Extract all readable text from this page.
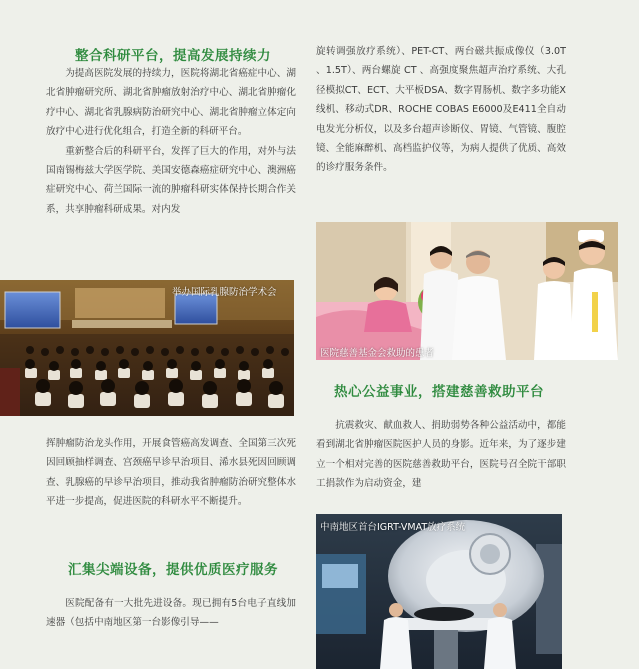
整合科研平台，提高发展持续力

为提高医院发展的持续力，医院将湖北省癌症中心、湖北省肿瘤研究所、湖北省肿瘤放射治疗中心、湖北省肿瘤化疗中心、湖北省乳腺病防治研究中心、湖北省肿瘤立体定向放疗中心进行优化组合，打造全新的科研平台。

重新整合后的科研平台，发挥了巨大的作用，对外与法国南锡梅兹大学医学院、美国安德森癌症研究中心、澳洲癌症研究中心、荷兰国际一流的肿瘤科研实体保持长期合作关系，共享肿瘤科研成果。对内发

举办国际乳腺防治学术会

挥肿瘤防治龙头作用，开展食管癌高发调查、全国第三次死因回顾抽样调查、宫颈癌早诊早治项目、浠水县死因回顾调查、乳腺癌的早诊早治项目，推动我省肿瘤防治研究整体水平进一步提高，促进医院的科研水平不断提升。

汇集尖端设备，提供优质医疗服务

医院配备有一大批先进设备。现已拥有5台电子直线加速器（包括中南地区第一台影像引导——

旋转调强放疗系统）、PET-CT、两台磁共振成像仪（3.0T 、1.5T）、两台螺旋 CT 、高强度聚焦超声治疗系统、大孔径模拟CT、ECT、大平板DSA、数字胃肠机、数字多功能X线机、移动式DR、ROCHE COBAS E6000及E411全自动电发光分析仪，以及多台超声诊断仪、胃镜、气管镜、腹腔镜、全能麻醉机、高档监护仪等，为病人提供了优质、高效的诊疗服务条件。

医院慈善基金会救助的患者
热心公益事业，搭建慈善救助平台

抗震救灾、献血救人、捐助弱势各种公益活动中，都能看到湖北省肿瘤医院医护人员的身影。近年来，为了逐步建立一个相对完善的医院慈善救助平台，医院号召全院干部职工捐款作为启动资金，建

中南地区首台IGRT-VMAT放疗系统
